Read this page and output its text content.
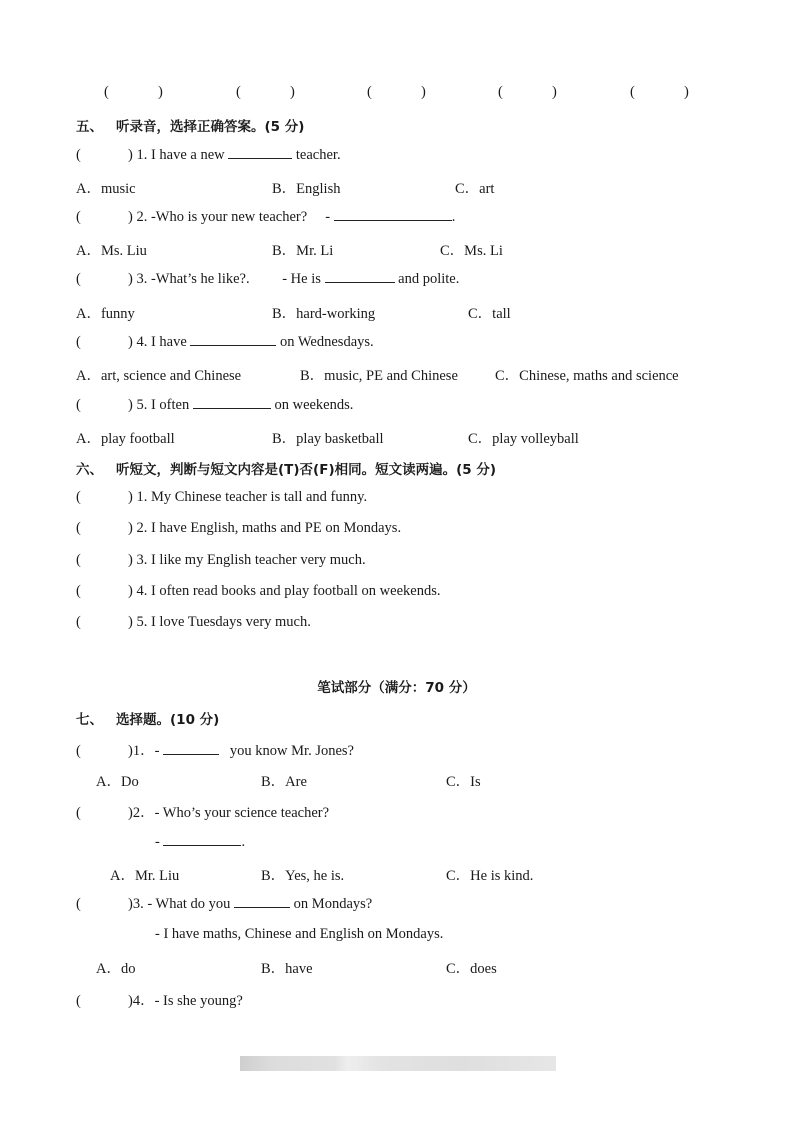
(	)	(	)	(	)	(	)	(	)
五、 听录音，选择正确答案。(5 分)
(	) 1. I have a new	teacher.
A．music	B．English	C．art
(	) 2. -Who is your new teacher?     -	.
A．Ms. Liu	B．Mr. Li	C．Ms. Li
(	) 3. -What’s he like?.         - He is	and polite.
A．funny	B．hard-working	C．tall
(	) 4. I have	on Wednesdays.
A．art, science and Chinese	B．music, PE and Chinese	C．Chinese, maths and science
(	) 5. I often	on weekends.
A．play football	B．play basketball	C．play volleyball
六、 听短文，判断与短文内容是(T)否(F)相同。短文读两遍。(5 分)
(	) 1. My Chinese teacher is tall and funny.
(	) 2. I have English, maths and PE on Mondays.
(	) 3. I like my English teacher very much.
(	) 4. I often read books and play football on weekends.
(	) 5. I love Tuesdays very much.
笔试部分（满分：70 分）
七、 选择题。(10 分)
(	)1．-	you know Mr. Jones?
A．Do	B．Are	C．Is
(	)2．- Who’s your science teacher?
-	.
A．Mr. Liu	B．Yes, he is.	C．He is kind.
(	)3. - What do you	on Mondays?
- I have maths, Chinese and English on Mondays.
A．do	B．have	C．does
(	)4．- Is she young?
